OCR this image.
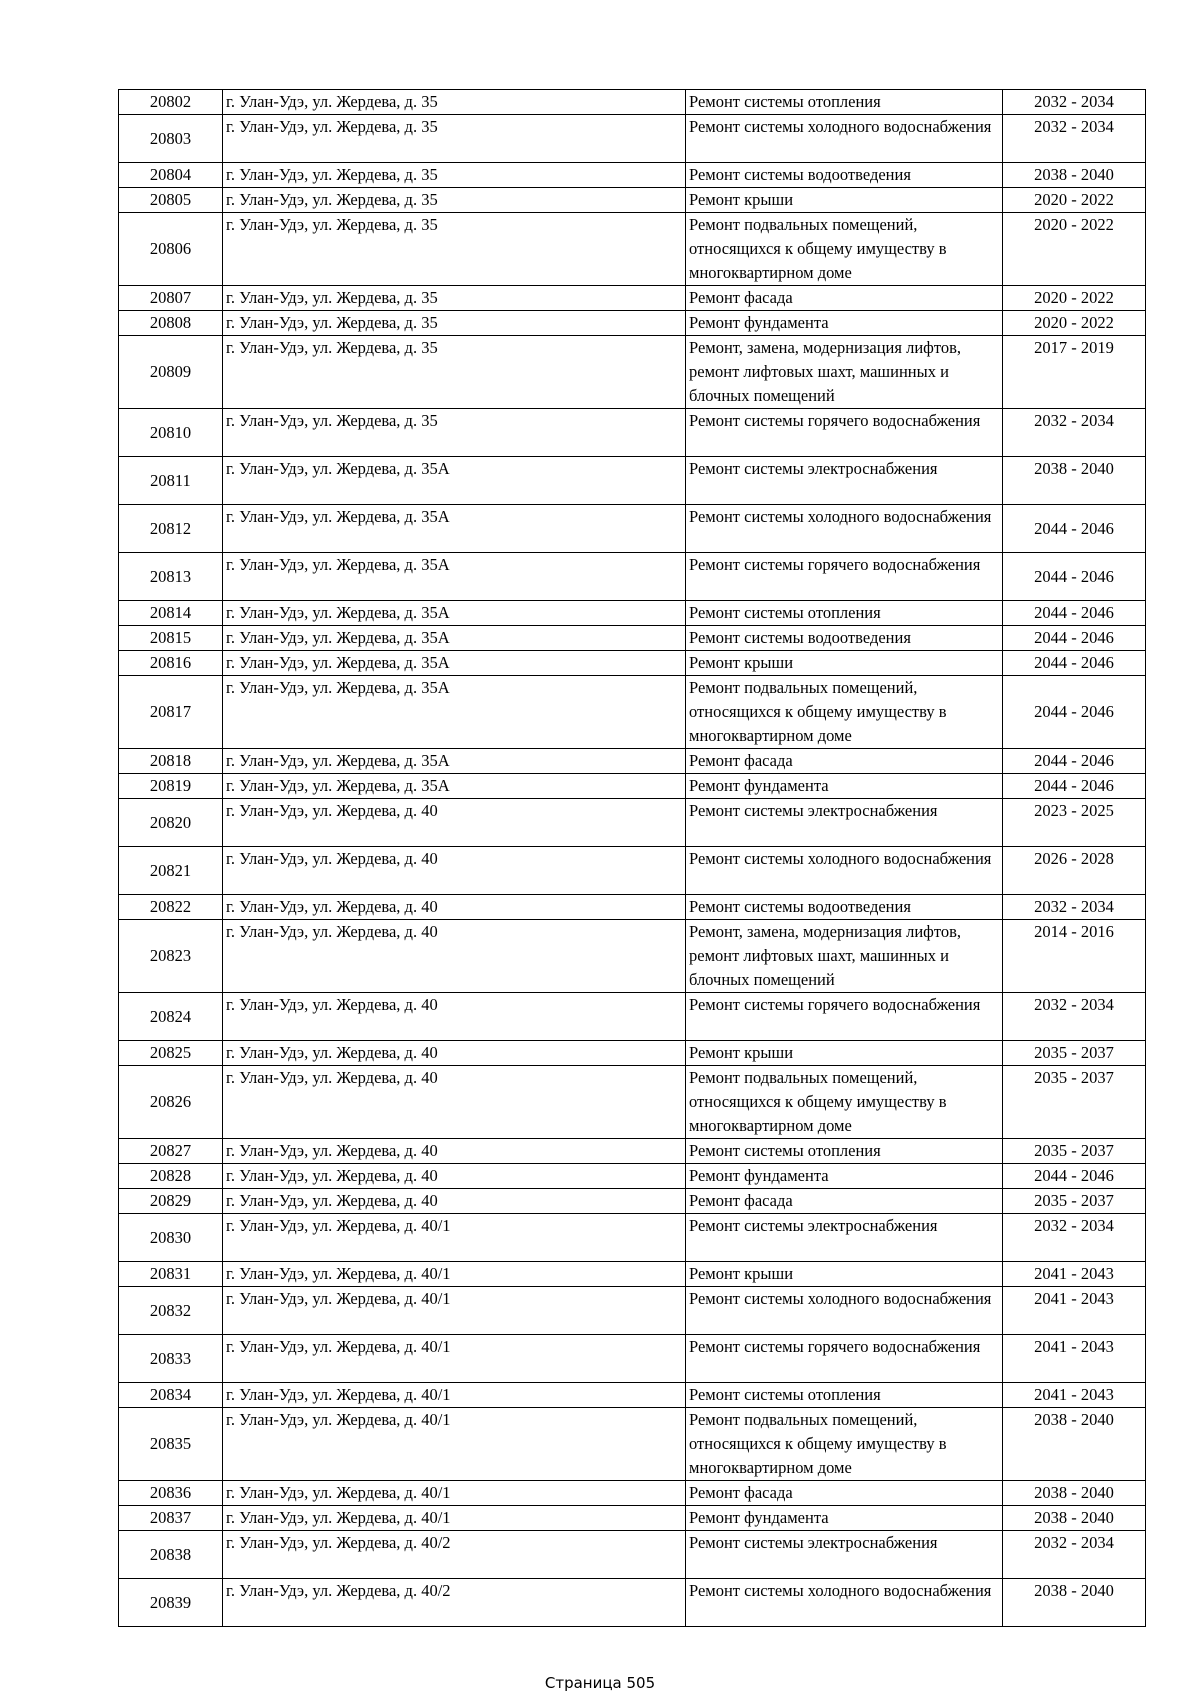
20802	г. Улан-Удэ, ул. Жердева, д. 35	Ремонт системы отопления	2032 - 2034
20803	г. Улан-Удэ, ул. Жердева, д. 35	Ремонт системы холодного водоснабжения	2032 - 2034
20804	г. Улан-Удэ, ул. Жердева, д. 35	Ремонт системы водоотведения	2038 - 2040
20805	г. Улан-Удэ, ул. Жердева, д. 35	Ремонт крыши	2020 - 2022
20806	г. Улан-Удэ, ул. Жердева, д. 35	Ремонт подвальных помещений, относящихся к общему имуществу в многоквартирном доме	2020 - 2022
20807	г. Улан-Удэ, ул. Жердева, д. 35	Ремонт фасада	2020 - 2022
20808	г. Улан-Удэ, ул. Жердева, д. 35	Ремонт фундамента	2020 - 2022
20809	г. Улан-Удэ, ул. Жердева, д. 35	Ремонт, замена, модернизация лифтов, ремонт лифтовых шахт, машинных и блочных помещений	2017 - 2019
20810	г. Улан-Удэ, ул. Жердева, д. 35	Ремонт системы горячего водоснабжения	2032 - 2034
20811	г. Улан-Удэ, ул. Жердева, д. 35А	Ремонт системы электроснабжения	2038 - 2040
20812	г. Улан-Удэ, ул. Жердева, д. 35А	Ремонт системы холодного водоснабжения	2044 - 2046
20813	г. Улан-Удэ, ул. Жердева, д. 35А	Ремонт системы горячего водоснабжения	2044 - 2046
20814	г. Улан-Удэ, ул. Жердева, д. 35А	Ремонт системы отопления	2044 - 2046
20815	г. Улан-Удэ, ул. Жердева, д. 35А	Ремонт системы водоотведения	2044 - 2046
20816	г. Улан-Удэ, ул. Жердева, д. 35А	Ремонт крыши	2044 - 2046
20817	г. Улан-Удэ, ул. Жердева, д. 35А	Ремонт подвальных помещений, относящихся к общему имуществу в многоквартирном доме	2044 - 2046
20818	г. Улан-Удэ, ул. Жердева, д. 35А	Ремонт фасада	2044 - 2046
20819	г. Улан-Удэ, ул. Жердева, д. 35А	Ремонт фундамента	2044 - 2046
20820	г. Улан-Удэ, ул. Жердева, д. 40	Ремонт системы электроснабжения	2023 - 2025
20821	г. Улан-Удэ, ул. Жердева, д. 40	Ремонт системы холодного водоснабжения	2026 - 2028
20822	г. Улан-Удэ, ул. Жердева, д. 40	Ремонт системы водоотведения	2032 - 2034
20823	г. Улан-Удэ, ул. Жердева, д. 40	Ремонт, замена, модернизация лифтов, ремонт лифтовых шахт, машинных и блочных помещений	2014 - 2016
20824	г. Улан-Удэ, ул. Жердева, д. 40	Ремонт системы горячего водоснабжения	2032 - 2034
20825	г. Улан-Удэ, ул. Жердева, д. 40	Ремонт крыши	2035 - 2037
20826	г. Улан-Удэ, ул. Жердева, д. 40	Ремонт подвальных помещений, относящихся к общему имуществу в многоквартирном доме	2035 - 2037
20827	г. Улан-Удэ, ул. Жердева, д. 40	Ремонт системы отопления	2035 - 2037
20828	г. Улан-Удэ, ул. Жердева, д. 40	Ремонт фундамента	2044 - 2046
20829	г. Улан-Удэ, ул. Жердева, д. 40	Ремонт фасада	2035 - 2037
20830	г. Улан-Удэ, ул. Жердева, д. 40/1	Ремонт системы электроснабжения	2032 - 2034
20831	г. Улан-Удэ, ул. Жердева, д. 40/1	Ремонт крыши	2041 - 2043
20832	г. Улан-Удэ, ул. Жердева, д. 40/1	Ремонт системы холодного водоснабжения	2041 - 2043
20833	г. Улан-Удэ, ул. Жердева, д. 40/1	Ремонт системы горячего водоснабжения	2041 - 2043
20834	г. Улан-Удэ, ул. Жердева, д. 40/1	Ремонт системы отопления	2041 - 2043
20835	г. Улан-Удэ, ул. Жердева, д. 40/1	Ремонт подвальных помещений, относящихся к общему имуществу в многоквартирном доме	2038 - 2040
20836	г. Улан-Удэ, ул. Жердева, д. 40/1	Ремонт фасада	2038 - 2040
20837	г. Улан-Удэ, ул. Жердева, д. 40/1	Ремонт фундамента	2038 - 2040
20838	г. Улан-Удэ, ул. Жердева, д. 40/2	Ремонт системы электроснабжения	2032 - 2034
20839	г. Улан-Удэ, ул. Жердева, д. 40/2	Ремонт системы холодного водоснабжения	2038 - 2040
Страница 505
